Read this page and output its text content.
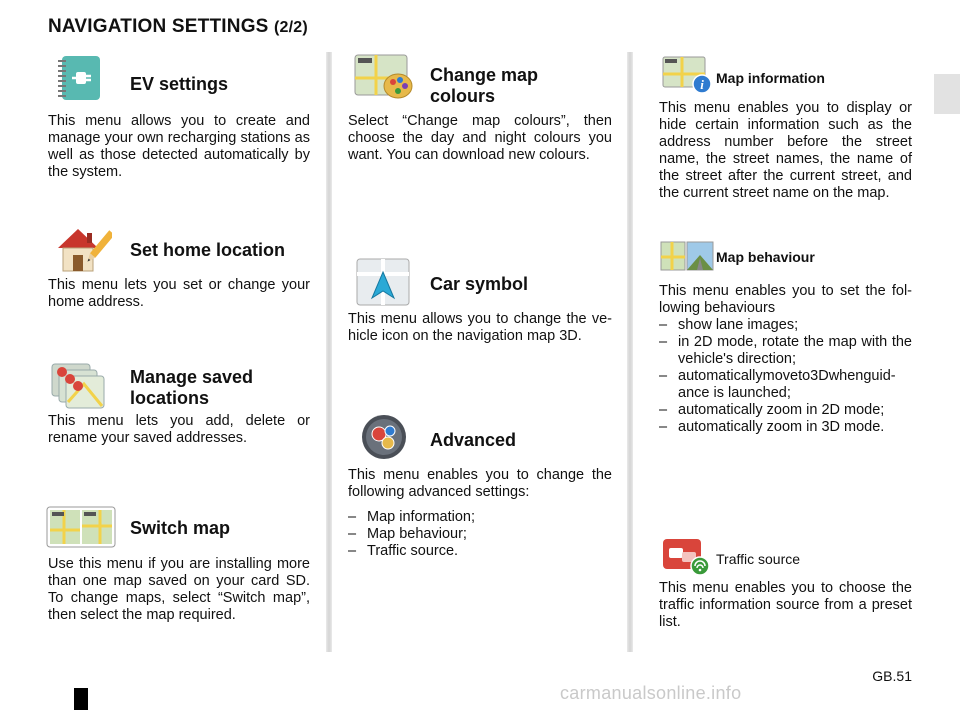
NAVIGATION SETTINGS (2/2)
EV settings
This menu allows you to create and manage your own recharging stations as well as those detected automatically by the system.
Set home location
This menu lets you set or change your home address.
Manage saved locations
This menu lets you add, delete or rename your saved addresses.
Switch map
Use this menu if you are installing more than one map saved on your card SD. To change maps, select “Switch map”, then select the map required.
Change map colours
Select “Change map colours”, then choose the day and night colours you want. You can download new colours.
Car symbol
This menu allows you to change the ve-hicle icon on the navigation map 3D.
Advanced

This menu enables you to change the following advanced settings:

– Map information;
– Map behaviour;
– Traffic source.
i Map information
This menu enables you to display or hide certain information such as the address number before the street name, the street names, the name of the street after the current street, and the current street name on the map.
Map behaviour

This menu enables you to set the fol-lowing behaviours

– show lane images;
– in 2D mode, rotate the map with the vehicle's direction;
– automaticallymoveto3Dwhenguid-ance is launched;
– automatically zoom in 2D mode;
– automatically zoom in 3D mode.
Traffic source
This menu enables you to choose the traffic information source from a preset list.
GB.51
carmanualsonline.info
